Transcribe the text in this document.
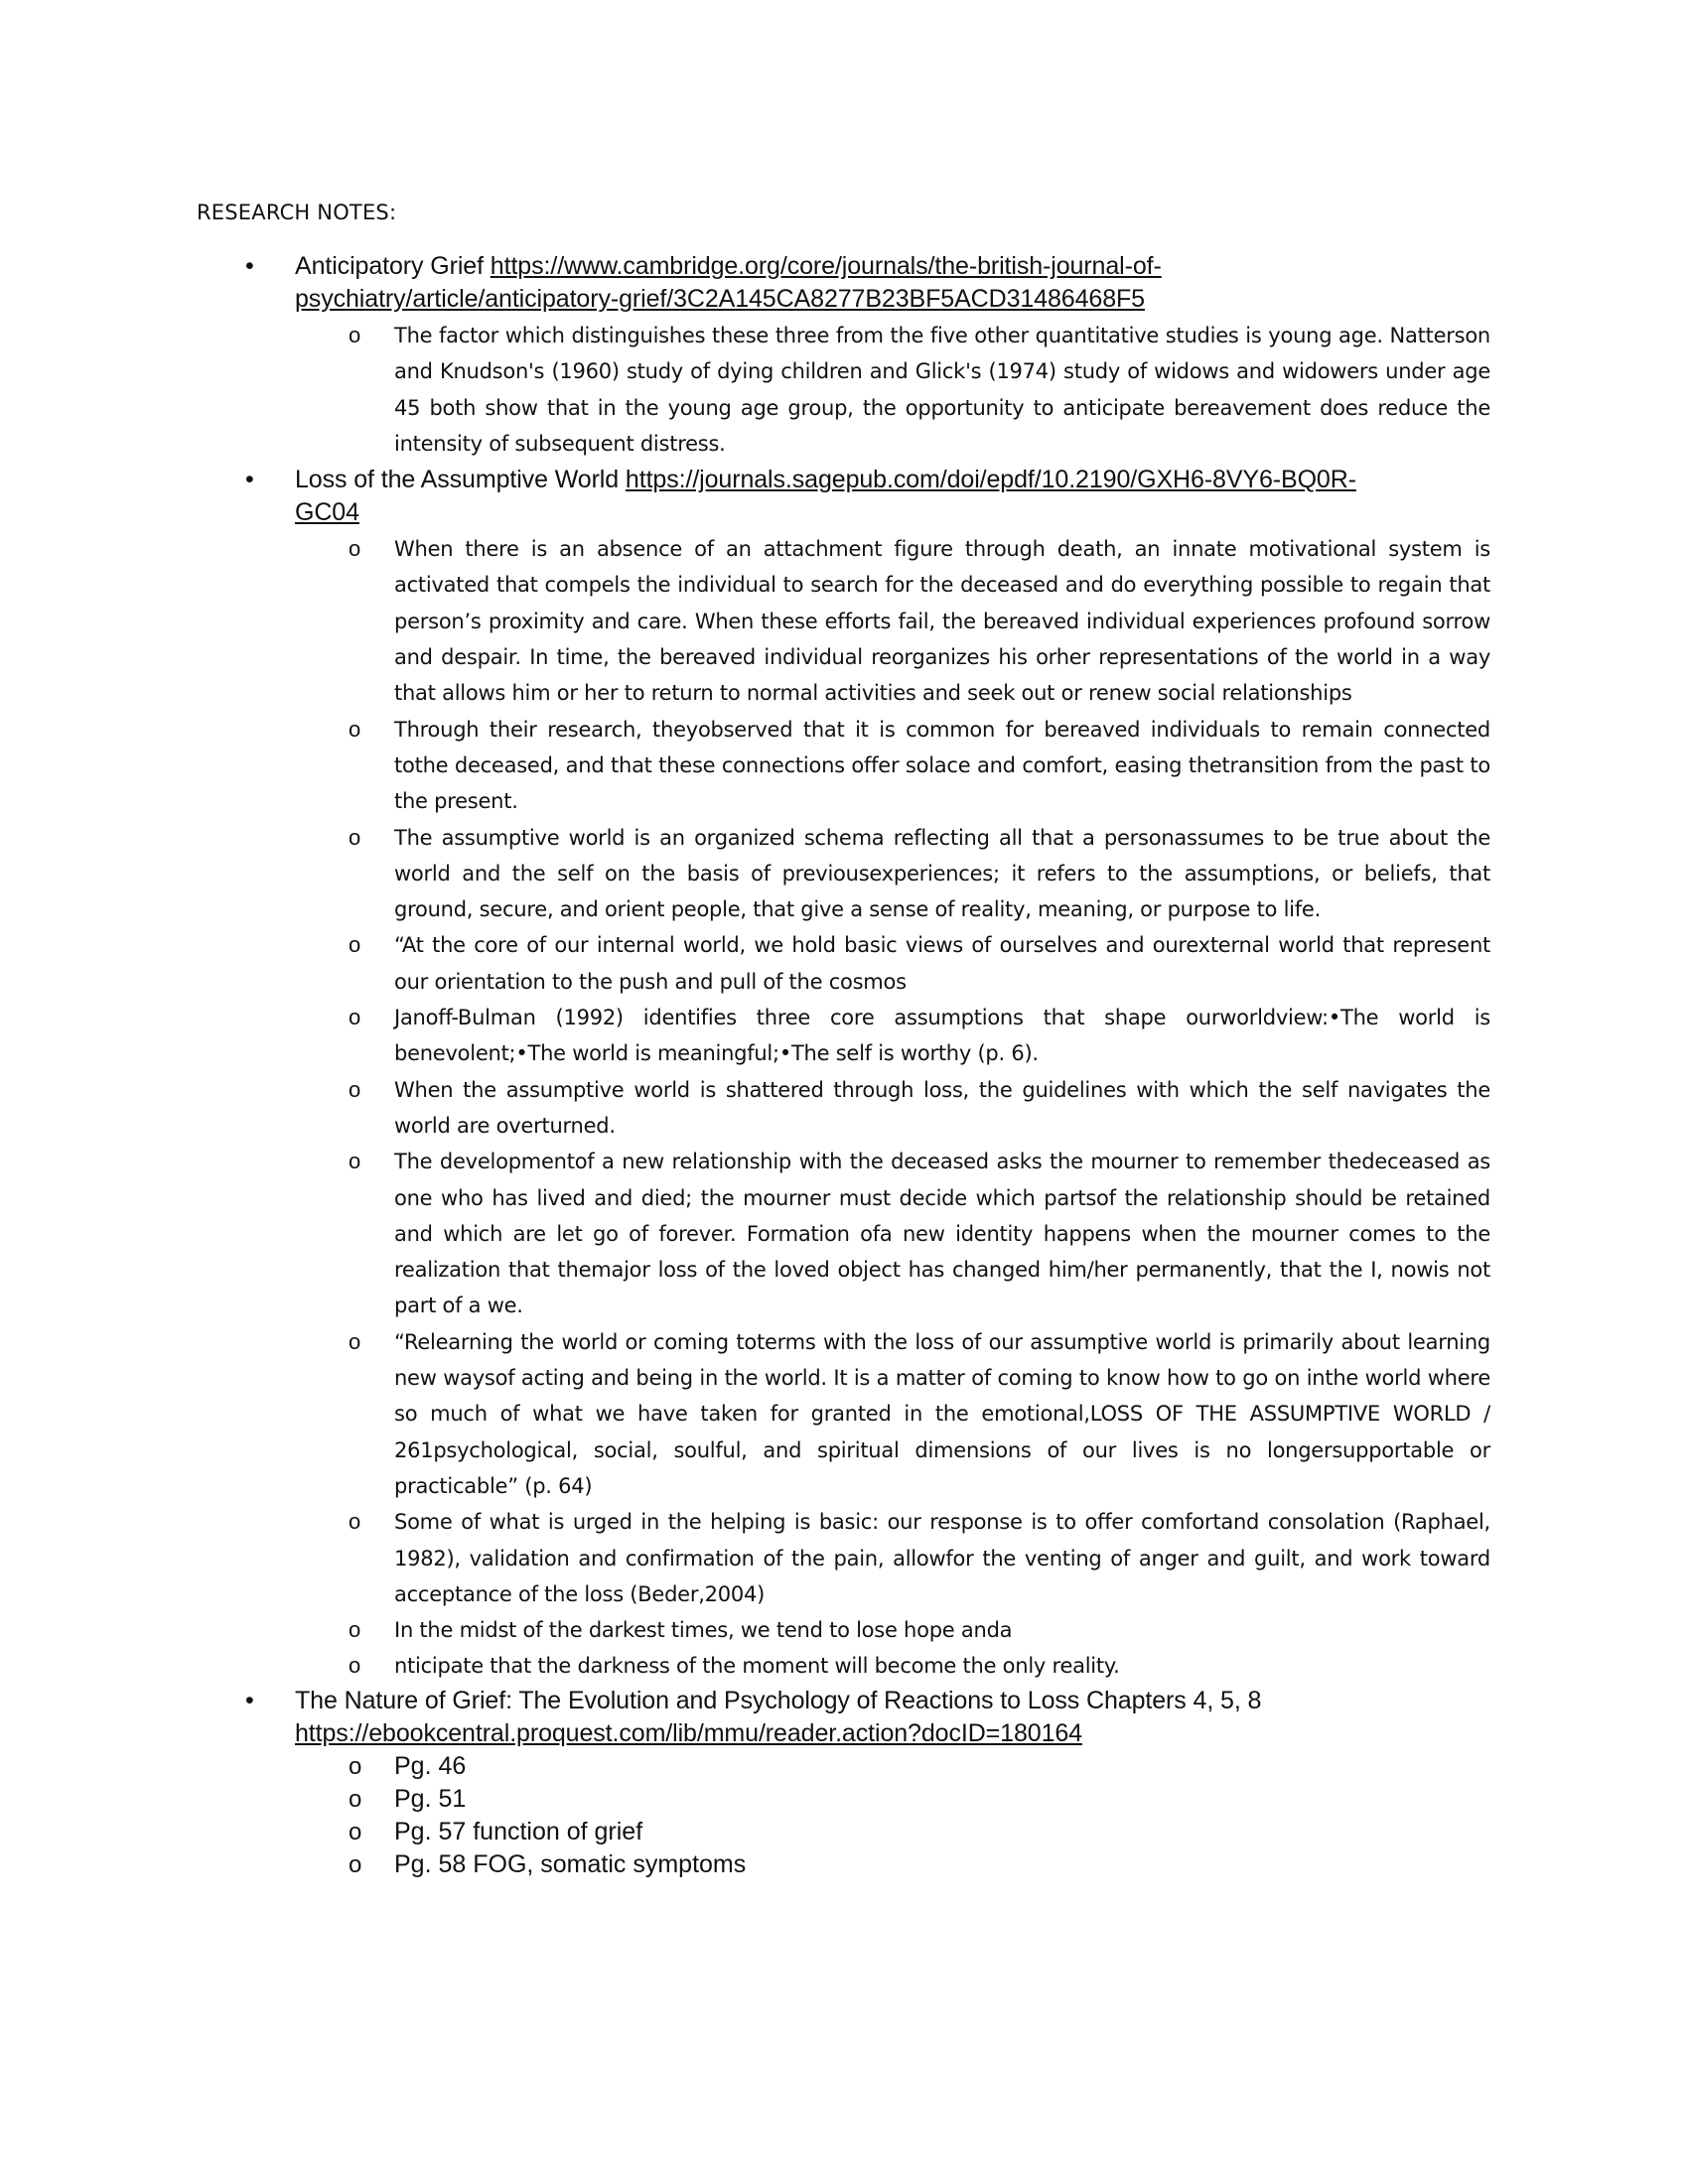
RESEARCH NOTES:
• Anticipatory Grief https://www.cambridge.org/core/journals/the-british-journal-of-
psychiatry/article/anticipatory-grief/3C2A145CA8277B23BF5ACD31486468F5
o The factor which distinguishes these three from the five other quantitative studies is young age. Natterson and Knudson's (1960) study of dying children and Glick's (1974) study of widows and widowers under age 45 both show that in the young age group, the opportunity to anticipate bereavement does reduce the intensity of subsequent distress.
• Loss of the Assumptive World https://journals.sagepub.com/doi/epdf/10.2190/GXH6-8VY6-BQ0R-
GC04
o When there is an absence of an attachment figure through death, an innate motivational system is activated that compels the individual to search for the deceased and do everything possible to regain that person’s proximity and care. When these efforts fail, the bereaved individual experiences profound sorrow and despair. In time, the bereaved individual reorganizes his orher representations of the world in a way that allows him or her to return to normal activities and seek out or renew social relationships
o Through their research, theyobserved that it is common for bereaved individuals to remain connected tothe deceased, and that these connections offer solace and comfort, easing thetransition from the past to the present.
o The assumptive world is an organized schema reflecting all that a personassumes to be true about the world and the self on the basis of previousexperiences; it refers to the assumptions, or beliefs, that ground, secure, and orient people, that give a sense of reality, meaning, or purpose to life.
o “At the core of our internal world, we hold basic views of ourselves and ourexternal world that represent our orientation to the push and pull of the cosmos
o Janoff-Bulman (1992) identifies three core assumptions that shape ourworldview:•The world is benevolent;•The world is meaningful;•The self is worthy (p. 6).
o When the assumptive world is shattered through loss, the guidelines with which the self navigates the world are overturned.
o The developmentof a new relationship with the deceased asks the mourner to remember thedeceased as one who has lived and died; the mourner must decide which partsof the relationship should be retained and which are let go of forever. Formation ofa new identity happens when the mourner comes to the realization that themajor loss of the loved object has changed him/her permanently, that the I, nowis not part of a we.
o “Relearning the world or coming toterms with the loss of our assumptive world is primarily about learning new waysof acting and being in the world. It is a matter of coming to know how to go on inthe world where so much of what we have taken for granted in the emotional,LOSS OF THE ASSUMPTIVE WORLD / 261psychological, social, soulful, and spiritual dimensions of our lives is no longersupportable or practicable” (p. 64)
o Some of what is urged in the helping is basic: our response is to offer comfortand consolation (Raphael, 1982), validation and confirmation of the pain, allowfor the venting of anger and guilt, and work toward acceptance of the loss (Beder,2004)
o In the midst of the darkest times, we tend to lose hope anda
o nticipate that the darkness of the moment will become the only reality.
• The Nature of Grief: The Evolution and Psychology of Reactions to Loss Chapters 4, 5, 8
https://ebookcentral.proquest.com/lib/mmu/reader.action?docID=180164
o Pg. 46
o Pg. 51
o Pg. 57 function of grief
o Pg. 58 FOG, somatic symptoms
